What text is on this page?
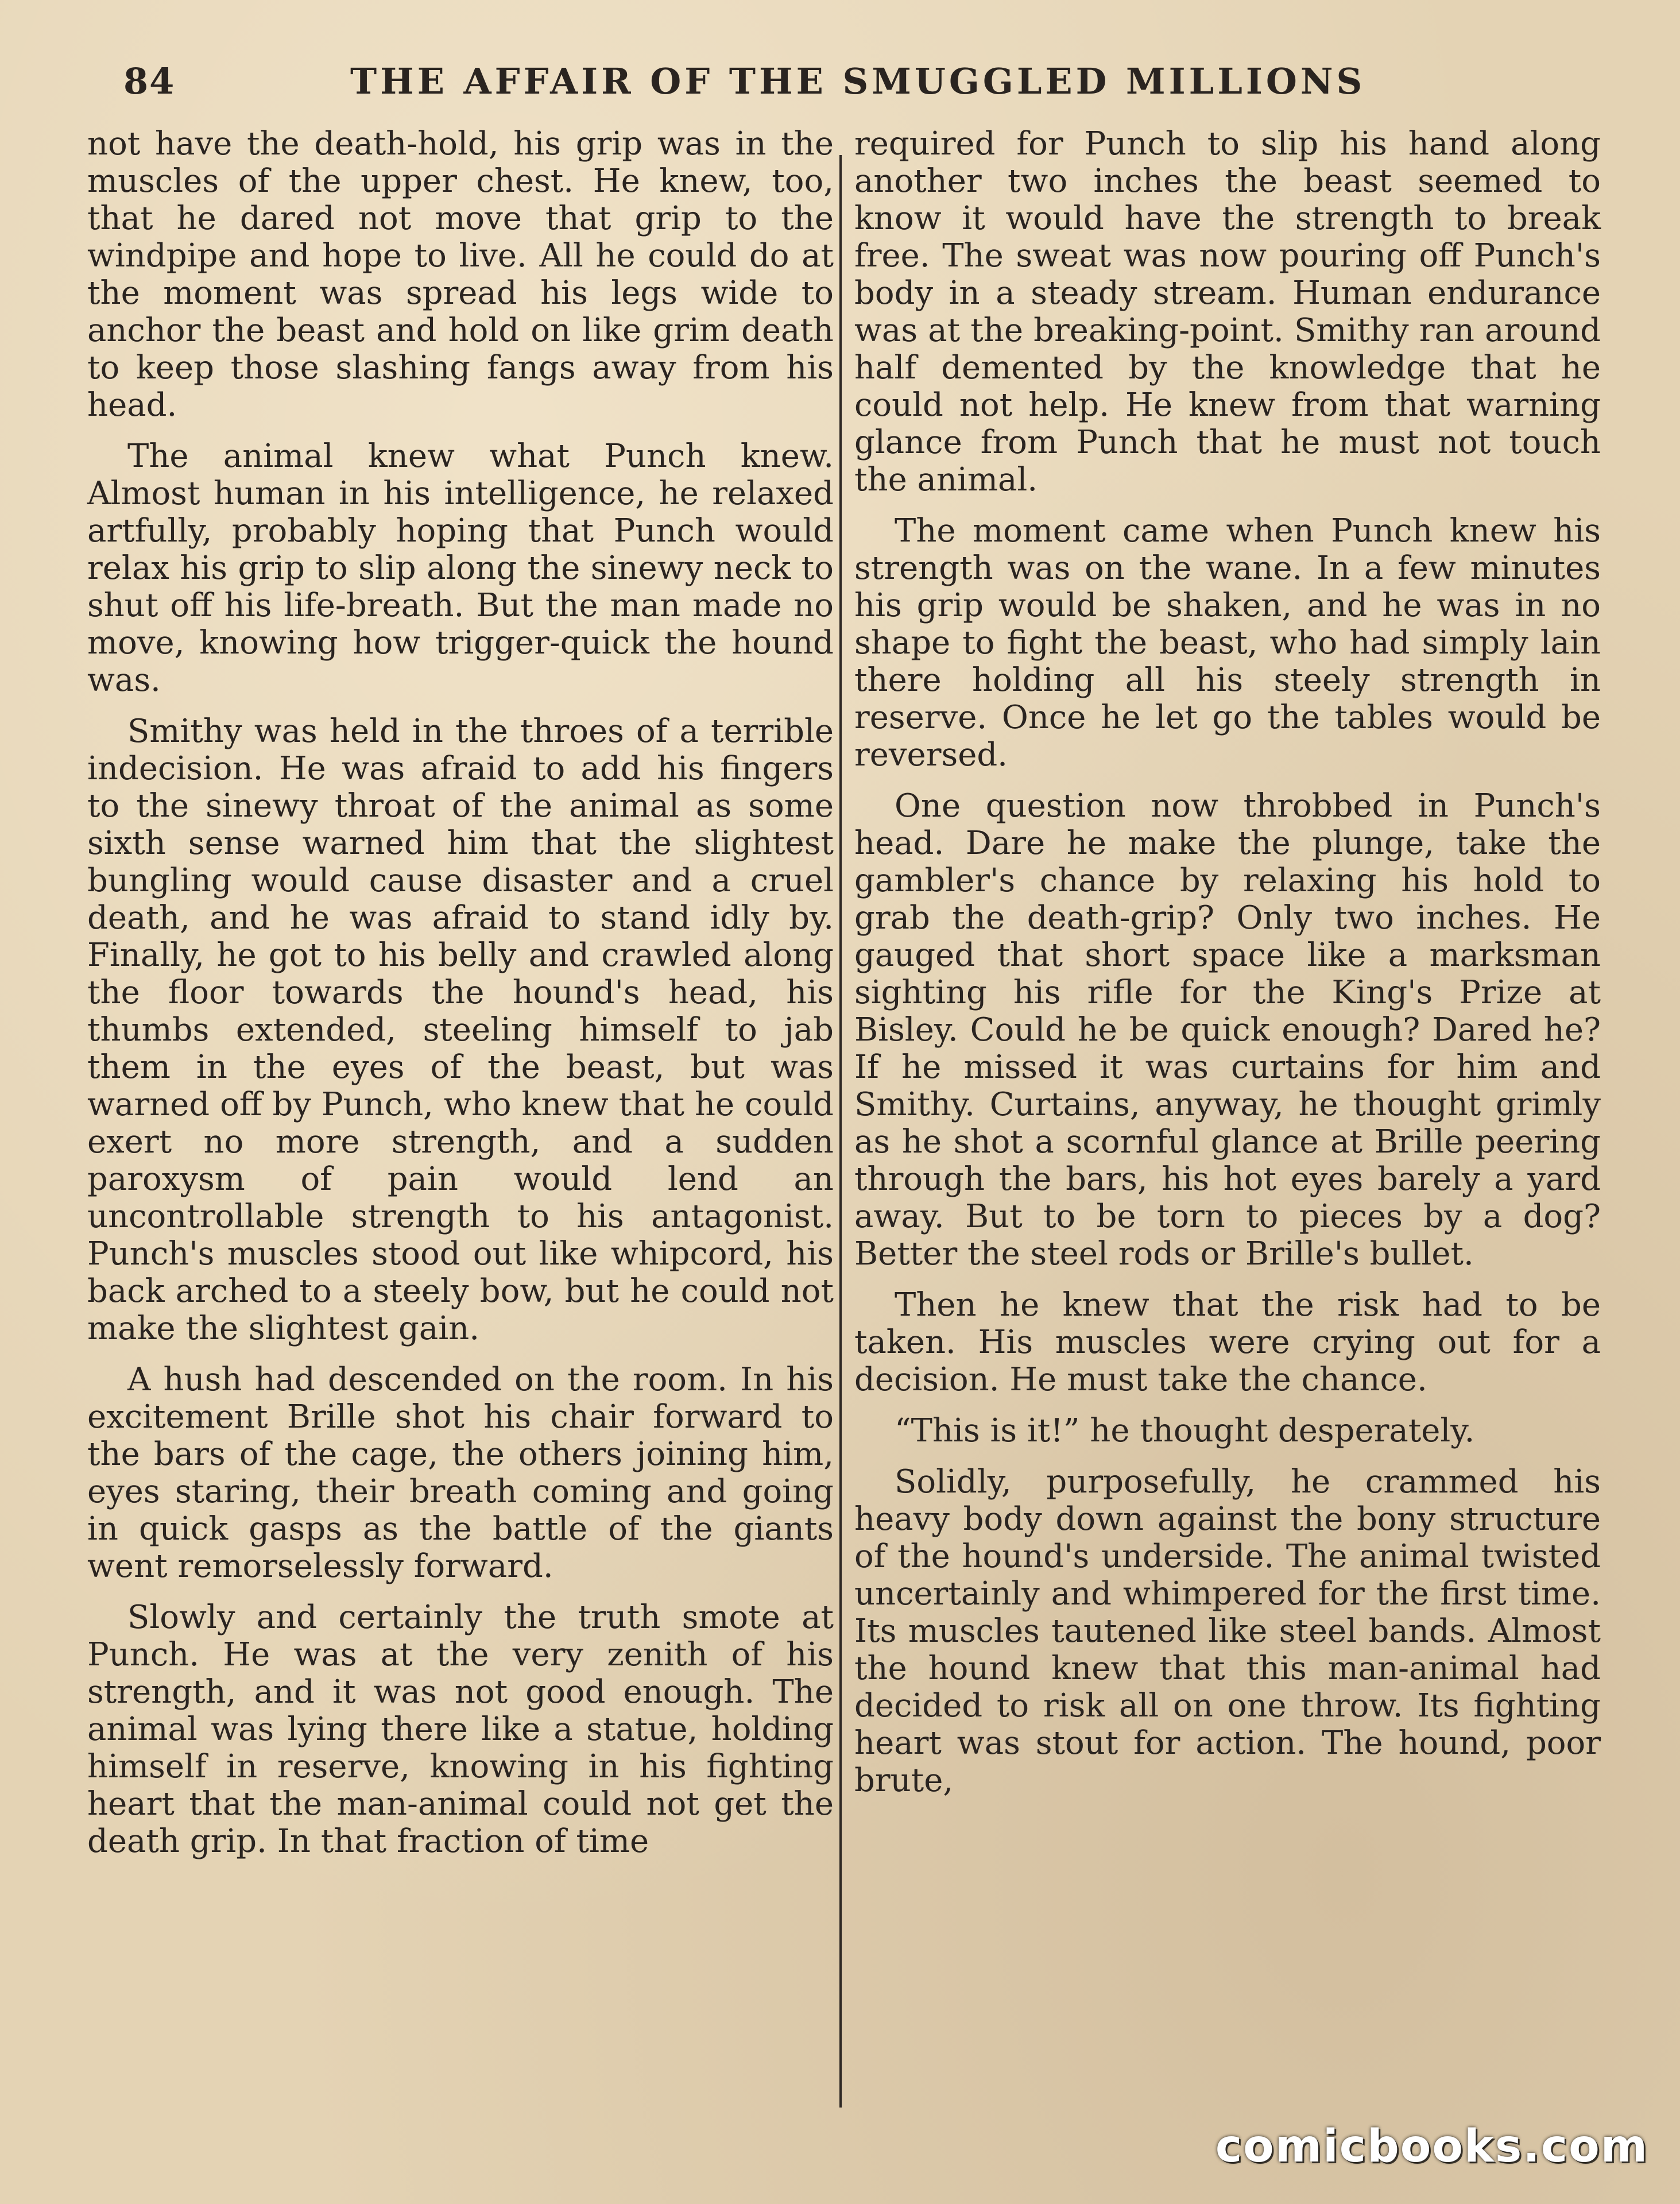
84	THE AFFAIR OF THE SMUGGLED MILLIONS

not have the death-hold, his grip was in the muscles of the upper chest. He knew, too, that he dared not move that grip to the windpipe and hope to live. All he could do at the moment was spread his legs wide to anchor the beast and hold on like grim death to keep those slashing fangs away from his head.

The animal knew what Punch knew. Almost human in his intelligence, he relaxed artfully, probably hoping that Punch would relax his grip to slip along the sinewy neck to shut off his life-breath. But the man made no move, knowing how trigger-quick the hound was.

Smithy was held in the throes of a terrible indecision. He was afraid to add his fingers to the sinewy throat of the animal as some sixth sense warned him that the slightest bungling would cause disaster and a cruel death, and he was afraid to stand idly by. Finally, he got to his belly and crawled along the floor towards the hound's head, his thumbs extended, steeling himself to jab them in the eyes of the beast, but was warned off by Punch, who knew that he could exert no more strength, and a sudden paroxysm of pain would lend an uncontrollable strength to his antagonist. Punch's muscles stood out like whipcord, his back arched to a steely bow, but he could not make the slightest gain.

A hush had descended on the room. In his excitement Brille shot his chair forward to the bars of the cage, the others joining him, eyes staring, their breath coming and going in quick gasps as the battle of the giants went remorselessly forward.

Slowly and certainly the truth smote at Punch. He was at the very zenith of his strength, and it was not good enough. The animal was lying there like a statue, holding himself in reserve, knowing in his fighting heart that the man-animal could not get the death grip. In that fraction of time

required for Punch to slip his hand along another two inches the beast seemed to know it would have the strength to break free. The sweat was now pouring off Punch's body in a steady stream. Human endurance was at the breaking-point. Smithy ran around half demented by the knowledge that he could not help. He knew from that warning glance from Punch that he must not touch the animal.

The moment came when Punch knew his strength was on the wane. In a few minutes his grip would be shaken, and he was in no shape to fight the beast, who had simply lain there holding all his steely strength in reserve. Once he let go the tables would be reversed.

One question now throbbed in Punch's head. Dare he make the plunge, take the gambler's chance by relaxing his hold to grab the death-grip? Only two inches. He gauged that short space like a marksman sighting his rifle for the King's Prize at Bisley. Could he be quick enough? Dared he? If he missed it was curtains for him and Smithy. Curtains, anyway, he thought grimly as he shot a scornful glance at Brille peering through the bars, his hot eyes barely a yard away. But to be torn to pieces by a dog? Better the steel rods or Brille's bullet.

Then he knew that the risk had to be taken. His muscles were crying out for a decision. He must take the chance.

“This is it!” he thought desperately.

Solidly, purposefully, he crammed his heavy body down against the bony structure of the hound's underside. The animal twisted uncertainly and whimpered for the first time. Its muscles tautened like steel bands. Almost the hound knew that this man-animal had decided to risk all on one throw. Its fighting heart was stout for action. The hound, poor brute,

comicbooks.com
